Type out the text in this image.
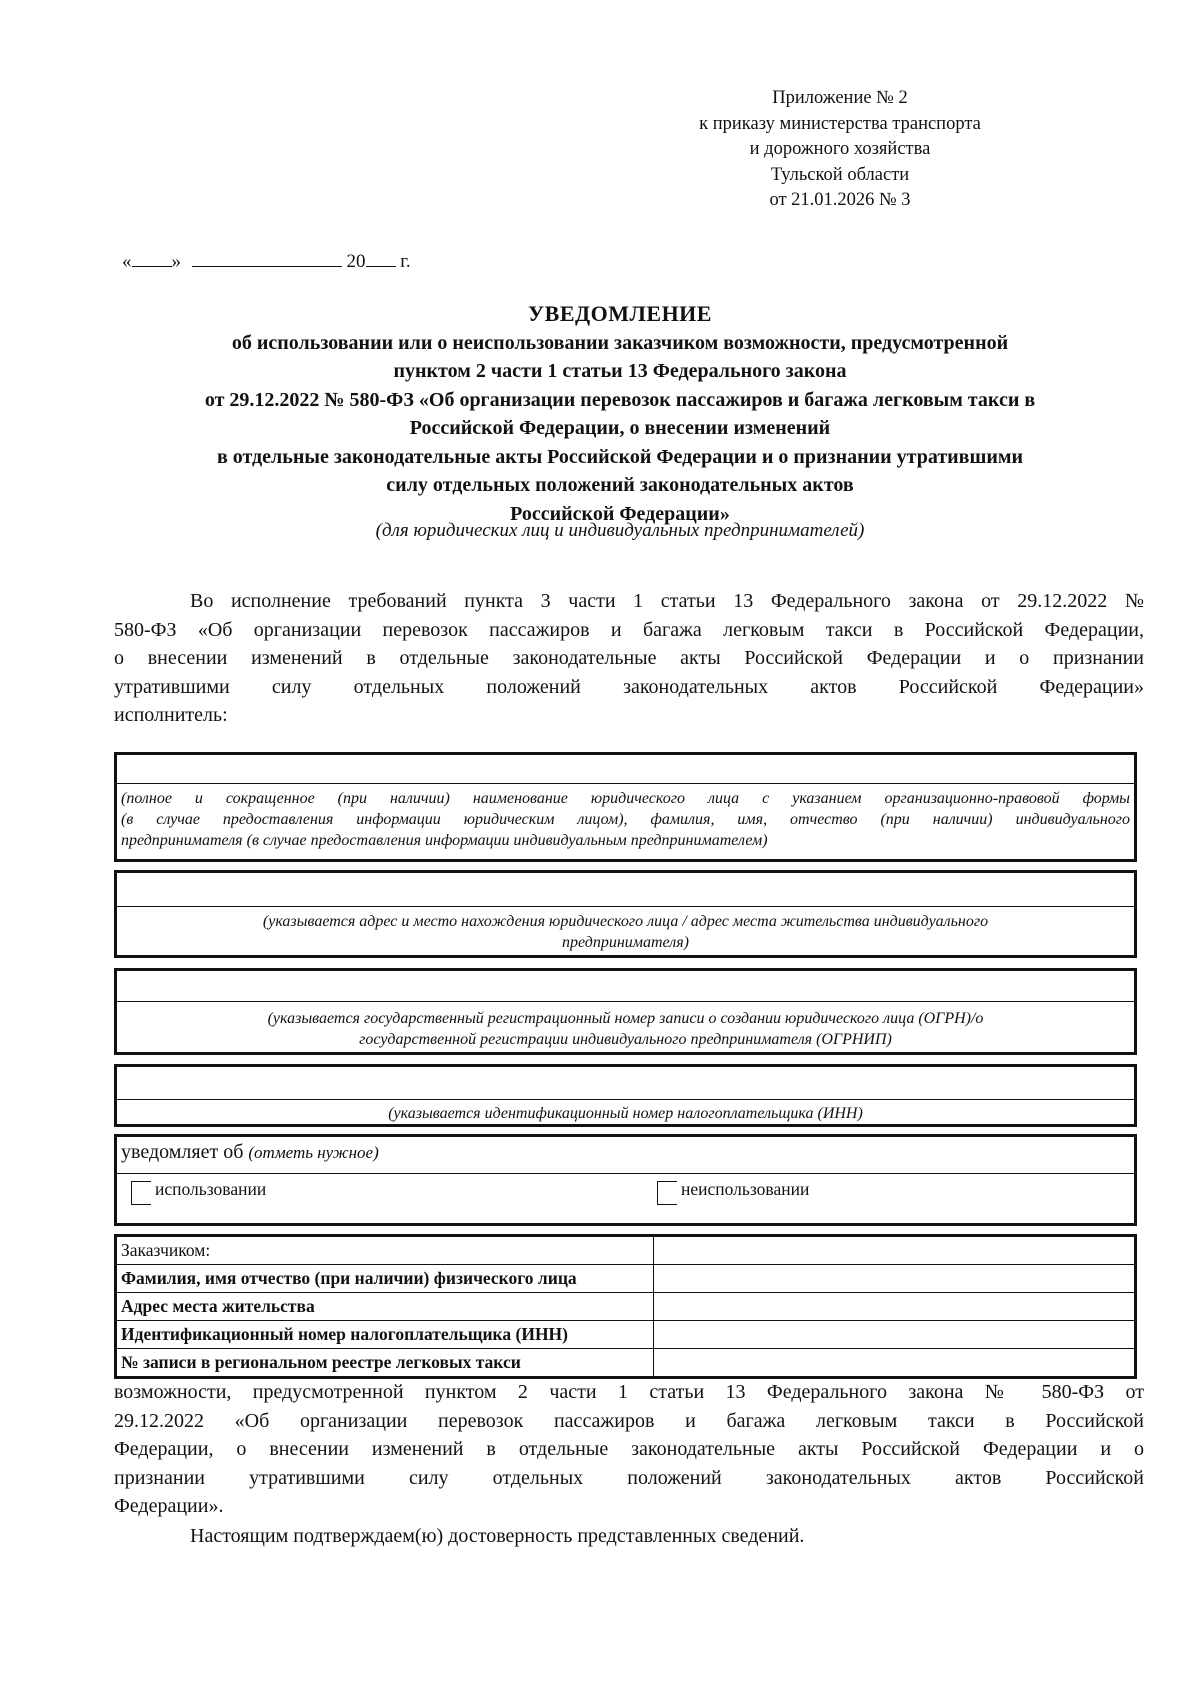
Приложение № 2
к приказу министерства транспорта
и дорожного хозяйства
Тульской области
от 21.01.2026 № 3
« »	20 г.
УВЕДОМЛЕНИЕ
об использовании или о неиспользовании заказчиком возможности, предусмотренной
пунктом 2 части 1 статьи 13 Федерального закона
от 29.12.2022 № 580-ФЗ «Об организации перевозок пассажиров и багажа легковым такси в
Российской Федерации, о внесении изменений
в отдельные законодательные акты Российской Федерации и о признании утратившими
силу отдельных положений законодательных актов
Российской Федерации»
(для юридических лиц и индивидуальных предпринимателей)
Во исполнение требований пункта 3 части 1 статьи 13 Федерального закона от 29.12.2022 №
580-ФЗ «Об организации перевозок пассажиров и багажа легковым такси в Российской Федерации,
о внесении изменений в отдельные законодательные акты Российской Федерации и о признании
утратившими силу отдельных положений законодательных актов Российской Федерации»
исполнитель:
(полное и сокращенное (при наличии) наименование юридического лица с указанием организационно-правовой формы
(в случае предоставления информации юридическим лицом), фамилия, имя, отчество (при наличии) индивидуального
предпринимателя (в случае предоставления информации индивидуальным предпринимателем)
(указывается адрес и место нахождения юридического лица / адрес места жительства индивидуального
предпринимателя)
(указывается государственный регистрационный номер записи о создании юридического лица (ОГРН)/о
государственной регистрации индивидуального предпринимателя (ОГРНИП)
(указывается идентификационный номер налогоплательщика (ИНН)
уведомляет об (отметь нужное)
использовании	неиспользовании
Заказчиком:	
Фамилия, имя отчество (при наличии) физического лица	
Адрес места жительства	
Идентификационный номер налогоплательщика (ИНН)	
№ записи в региональном реестре легковых такси	
возможности, предусмотренной пунктом 2 части 1 статьи 13 Федерального закона № 580-ФЗ от
29.12.2022 «Об организации перевозок пассажиров и багажа легковым такси в Российской
Федерации, о внесении изменений в отдельные законодательные акты Российской Федерации и о
признании утратившими силу отдельных положений законодательных актов Российской
Федерации».
Настоящим подтверждаем(ю) достоверность представленных сведений.
